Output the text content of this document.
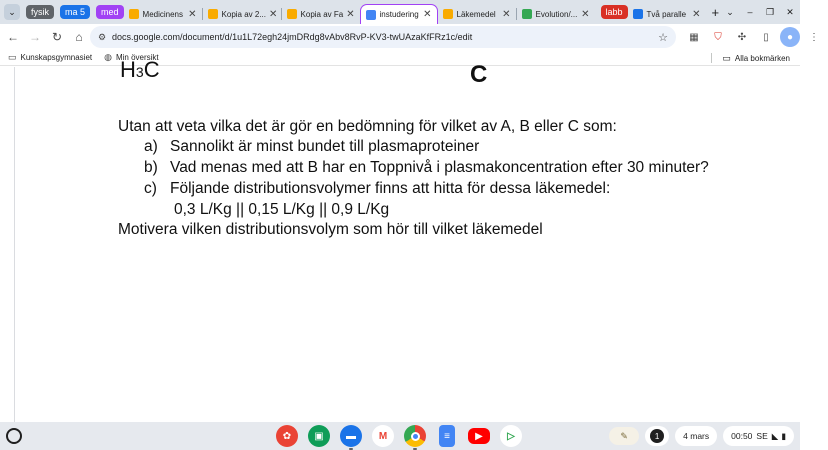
⌄ fysik ma 5 med	Medicinens ✕	Kopia av 2... ✕	Kopia av Fa ✕	instudering ✕	Läkemedel ✕	Evolution/... ✕ labb	Två paralle ✕ + ⌄	–	❐	✕
← → ↻ ⌂	⚙ docs.google.com/document/d/1u1L72egh24jmDRdg8vAbv8RvP-KV3-twUAzaKfFRz1c/edit	☆	▦	⛉	✣	▯	●	⋮
▭ Kunskapsgymnasiet ◍ Min översikt	▭ Alla bokmärken
H3C	C
Utan att veta vilka det är gör en bedömning för vilket av A, B eller C som:
a) Sannolikt är minst bundet till plasmaproteiner
b) Vad menas med att B har en Toppnivå i plasmakoncentration efter 30 minuter?
c) Följande distributionsvolymer finns att hitta för dessa läkemedel:
0,3 L/Kg || 0,15 L/Kg || 0,9 L/Kg
Motivera vilken distributionsvolym som hör till vilket läkemedel
✿	▣	▬	M	≡	▶	▷	✎	1	4 mars	00:50 SE ◣ ▮
